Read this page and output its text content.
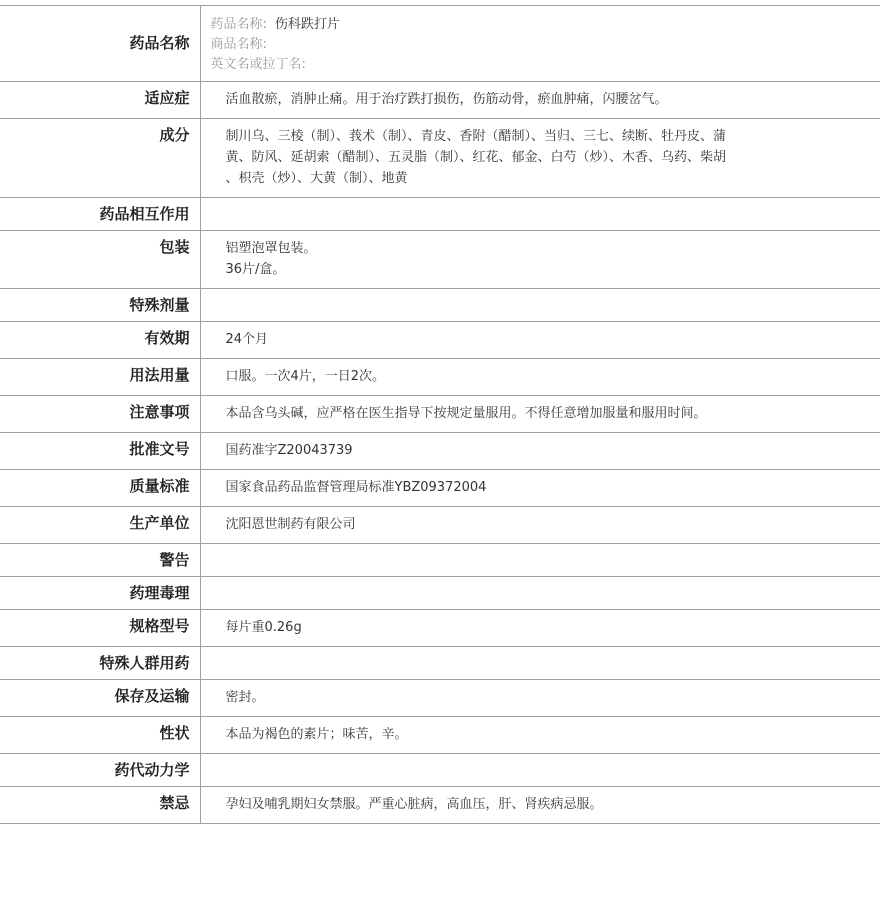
药品名称	药品名称: 伤科跌打片
商品名称:
英文名或拉丁名:

适应症	活血散瘀，消肿止痛。用于治疗跌打损伤，伤筋动骨，瘀血肿痛，闪腰岔气。

成分	制川乌、三棱（制）、莪术（制）、青皮、香附（醋制）、当归、三七、续断、牡丹皮、蒲
黄、防风、延胡索（醋制）、五灵脂（制）、红花、郁金、白芍（炒）、木香、乌药、柴胡
、枳壳（炒）、大黄（制）、地黄

药品相互作用	

包装	铝塑泡罩包装。
36片/盒。

特殊剂量	

有效期	24个月

用法用量	口服。一次4片，一日2次。

注意事项	本品含乌头碱，应严格在医生指导下按规定量服用。不得任意增加服量和服用时间。

批准文号	国药准字Z20043739

质量标准	国家食品药品监督管理局标准YBZ09372004

生产单位	沈阳恩世制药有限公司

警告	

药理毒理	

规格型号	每片重0.26g

特殊人群用药	

保存及运输	密封。

性状	本品为褐色的素片；味苦，辛。

药代动力学	

禁忌	孕妇及哺乳期妇女禁服。严重心脏病，高血压，肝、肾疾病忌服。
